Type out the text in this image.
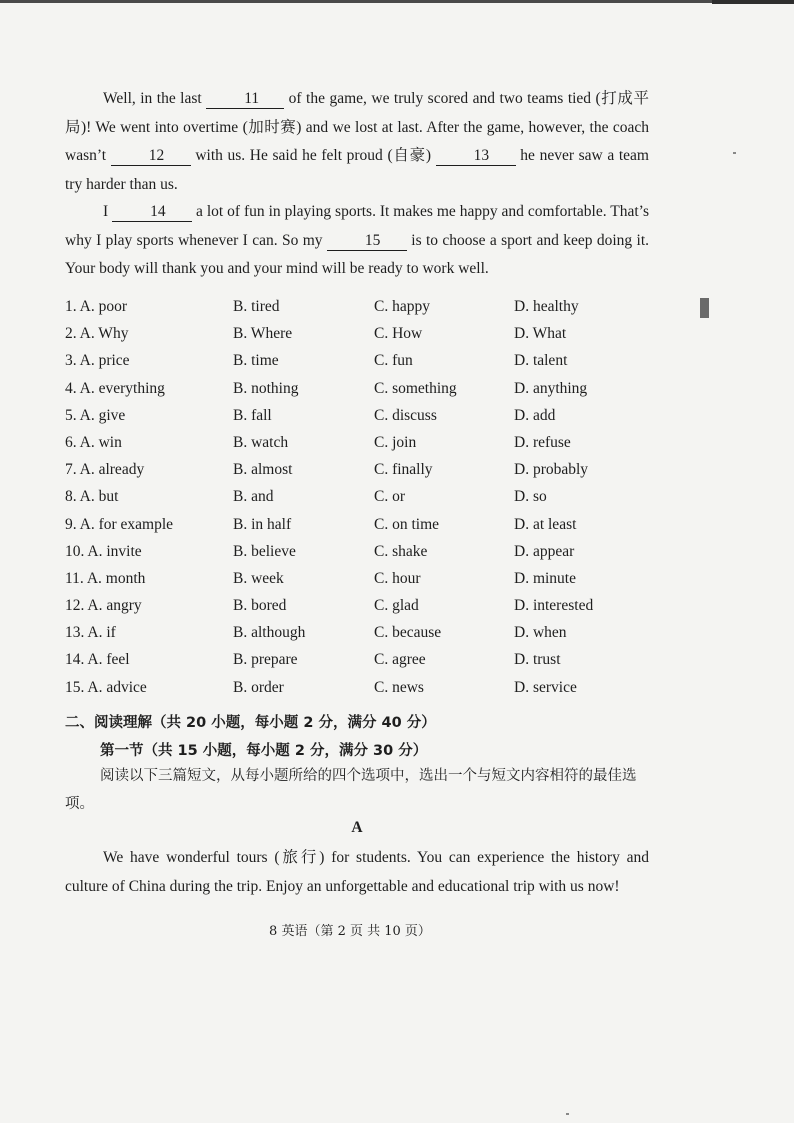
Well, in the last 11 of the game, we truly scored and two teams tied (打成平局)! We went into overtime (加时赛) and we lost at last. After the game, however, the coach wasn’t 12 with us. He said he felt proud (自豪) 13 he never saw a team try harder than us.
I 14 a lot of fun in playing sports. It makes me happy and comfortable. That’s why I play sports whenever I can. So my 15 is to choose a sport and keep doing it. Your body will thank you and your mind will be ready to work well.
1. A. poor	B. tired	C. happy	D. healthy
2. A. Why	B. Where	C. How	D. What
3. A. price	B. time	C. fun	D. talent
4. A. everything	B. nothing	C. something	D. anything
5. A. give	B. fall	C. discuss	D. add
6. A. win	B. watch	C. join	D. refuse
7. A. already	B. almost	C. finally	D. probably
8. A. but	B. and	C. or	D. so
9. A. for example	B. in half	C. on time	D. at least
10. A. invite	B. believe	C. shake	D. appear
11. A. month	B. week	C. hour	D. minute
12. A. angry	B. bored	C. glad	D. interested
13. A. if	B. although	C. because	D. when
14. A. feel	B. prepare	C. agree	D. trust
15. A. advice	B. order	C. news	D. service
二、阅读理解（共 20 小题，每小题 2 分，满分 40 分）
第一节（共 15 小题，每小题 2 分，满分 30 分）
阅读以下三篇短文，从每小题所给的四个选项中，选出一个与短文内容相符的最佳选项。
A
We have wonderful tours (旅行) for students. You can experience the history and culture of China during the trip. Enjoy an unforgettable and educational trip with us now!
8 英语（第 2 页 共 10 页）
